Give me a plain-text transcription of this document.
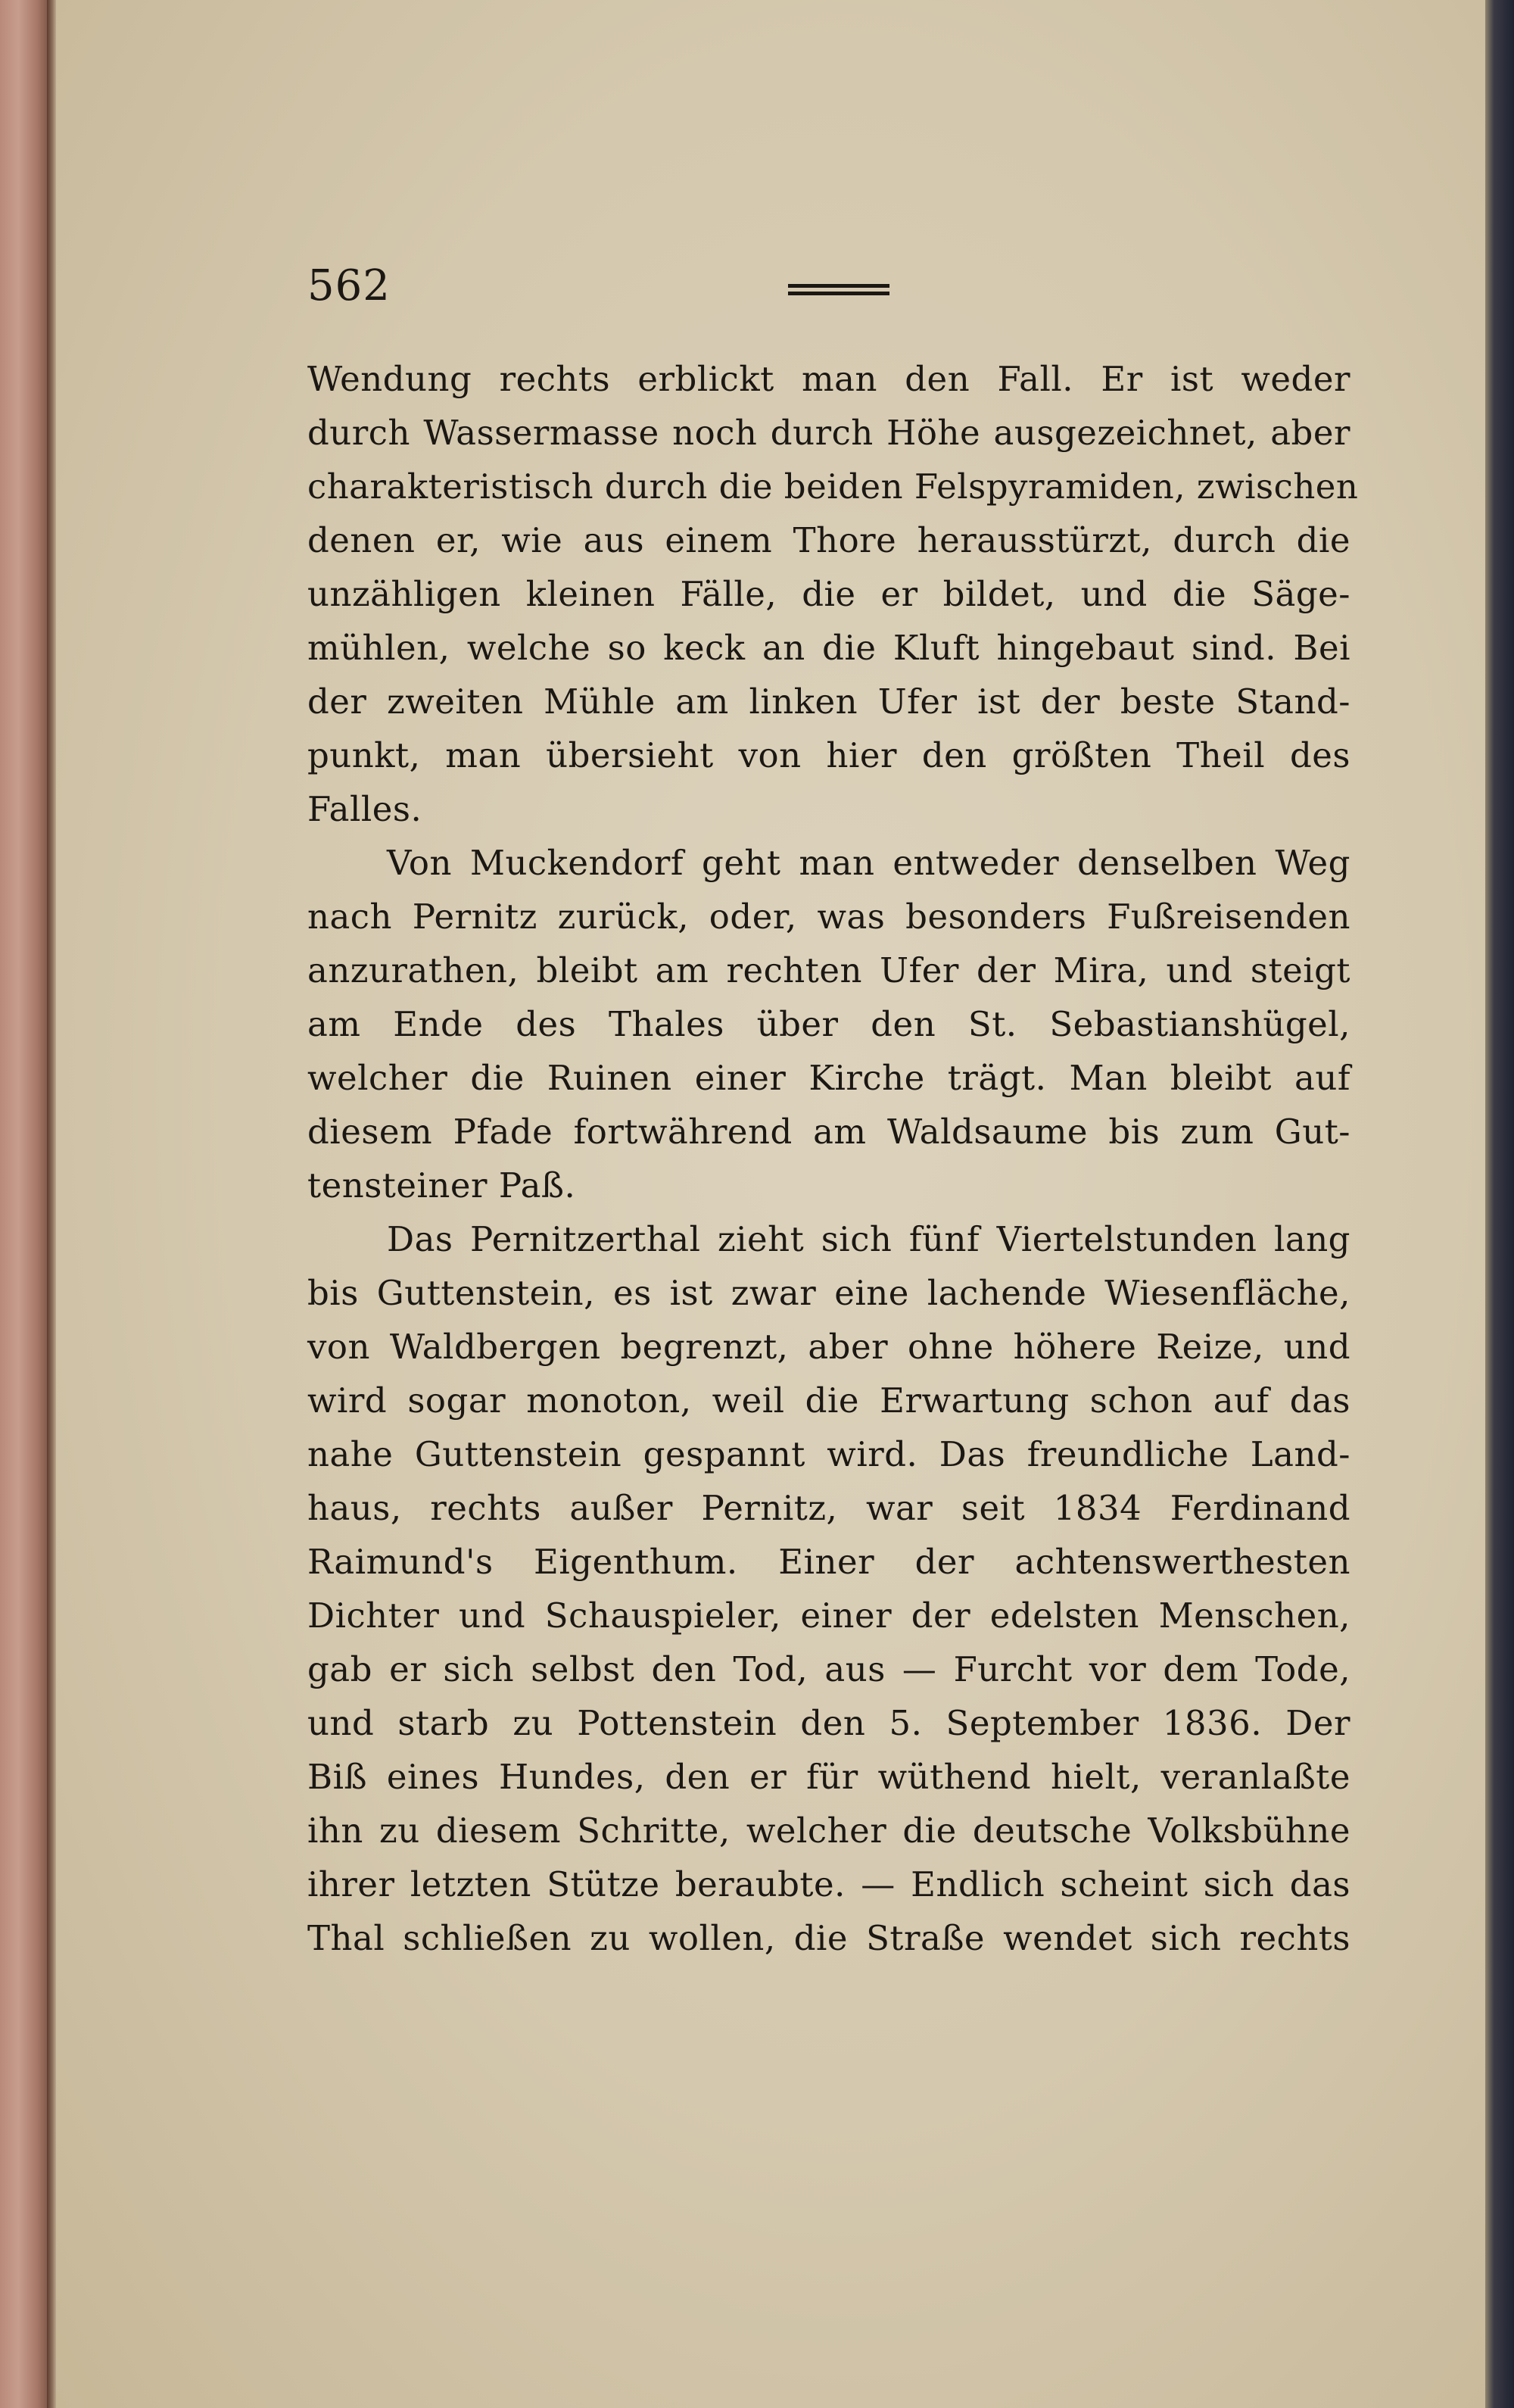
562
Wendung rechts erblickt man den Fall. Er ist weder
durch Wassermasse noch durch Höhe ausgezeichnet, aber
charakteristisch durch die beiden Felspyramiden, zwischen
denen er, wie aus einem Thore herausstürzt, durch die
unzähligen kleinen Fälle, die er bildet, und die Säge-
mühlen, welche so keck an die Kluft hingebaut sind. Bei
der zweiten Mühle am linken Ufer ist der beste Stand-
punkt, man übersieht von hier den größten Theil des
Falles.
Von Muckendorf geht man entweder denselben Weg
nach Pernitz zurück, oder, was besonders Fußreisenden
anzurathen, bleibt am rechten Ufer der Mira, und steigt
am Ende des Thales über den St. Sebastianshügel,
welcher die Ruinen einer Kirche trägt. Man bleibt auf
diesem Pfade fortwährend am Waldsaume bis zum Gut-
tensteiner Paß.
Das Pernitzerthal zieht sich fünf Viertelstunden lang
bis Guttenstein, es ist zwar eine lachende Wiesenfläche,
von Waldbergen begrenzt, aber ohne höhere Reize, und
wird sogar monoton, weil die Erwartung schon auf das
nahe Guttenstein gespannt wird. Das freundliche Land-
haus, rechts außer Pernitz, war seit 1834 Ferdinand
Raimund's Eigenthum. Einer der achtenswerthesten
Dichter und Schauspieler, einer der edelsten Menschen,
gab er sich selbst den Tod, aus — Furcht vor dem Tode,
und starb zu Pottenstein den 5. September 1836. Der
Biß eines Hundes, den er für wüthend hielt, veranlaßte
ihn zu diesem Schritte, welcher die deutsche Volksbühne
ihrer letzten Stütze beraubte. — Endlich scheint sich das
Thal schließen zu wollen, die Straße wendet sich rechts
